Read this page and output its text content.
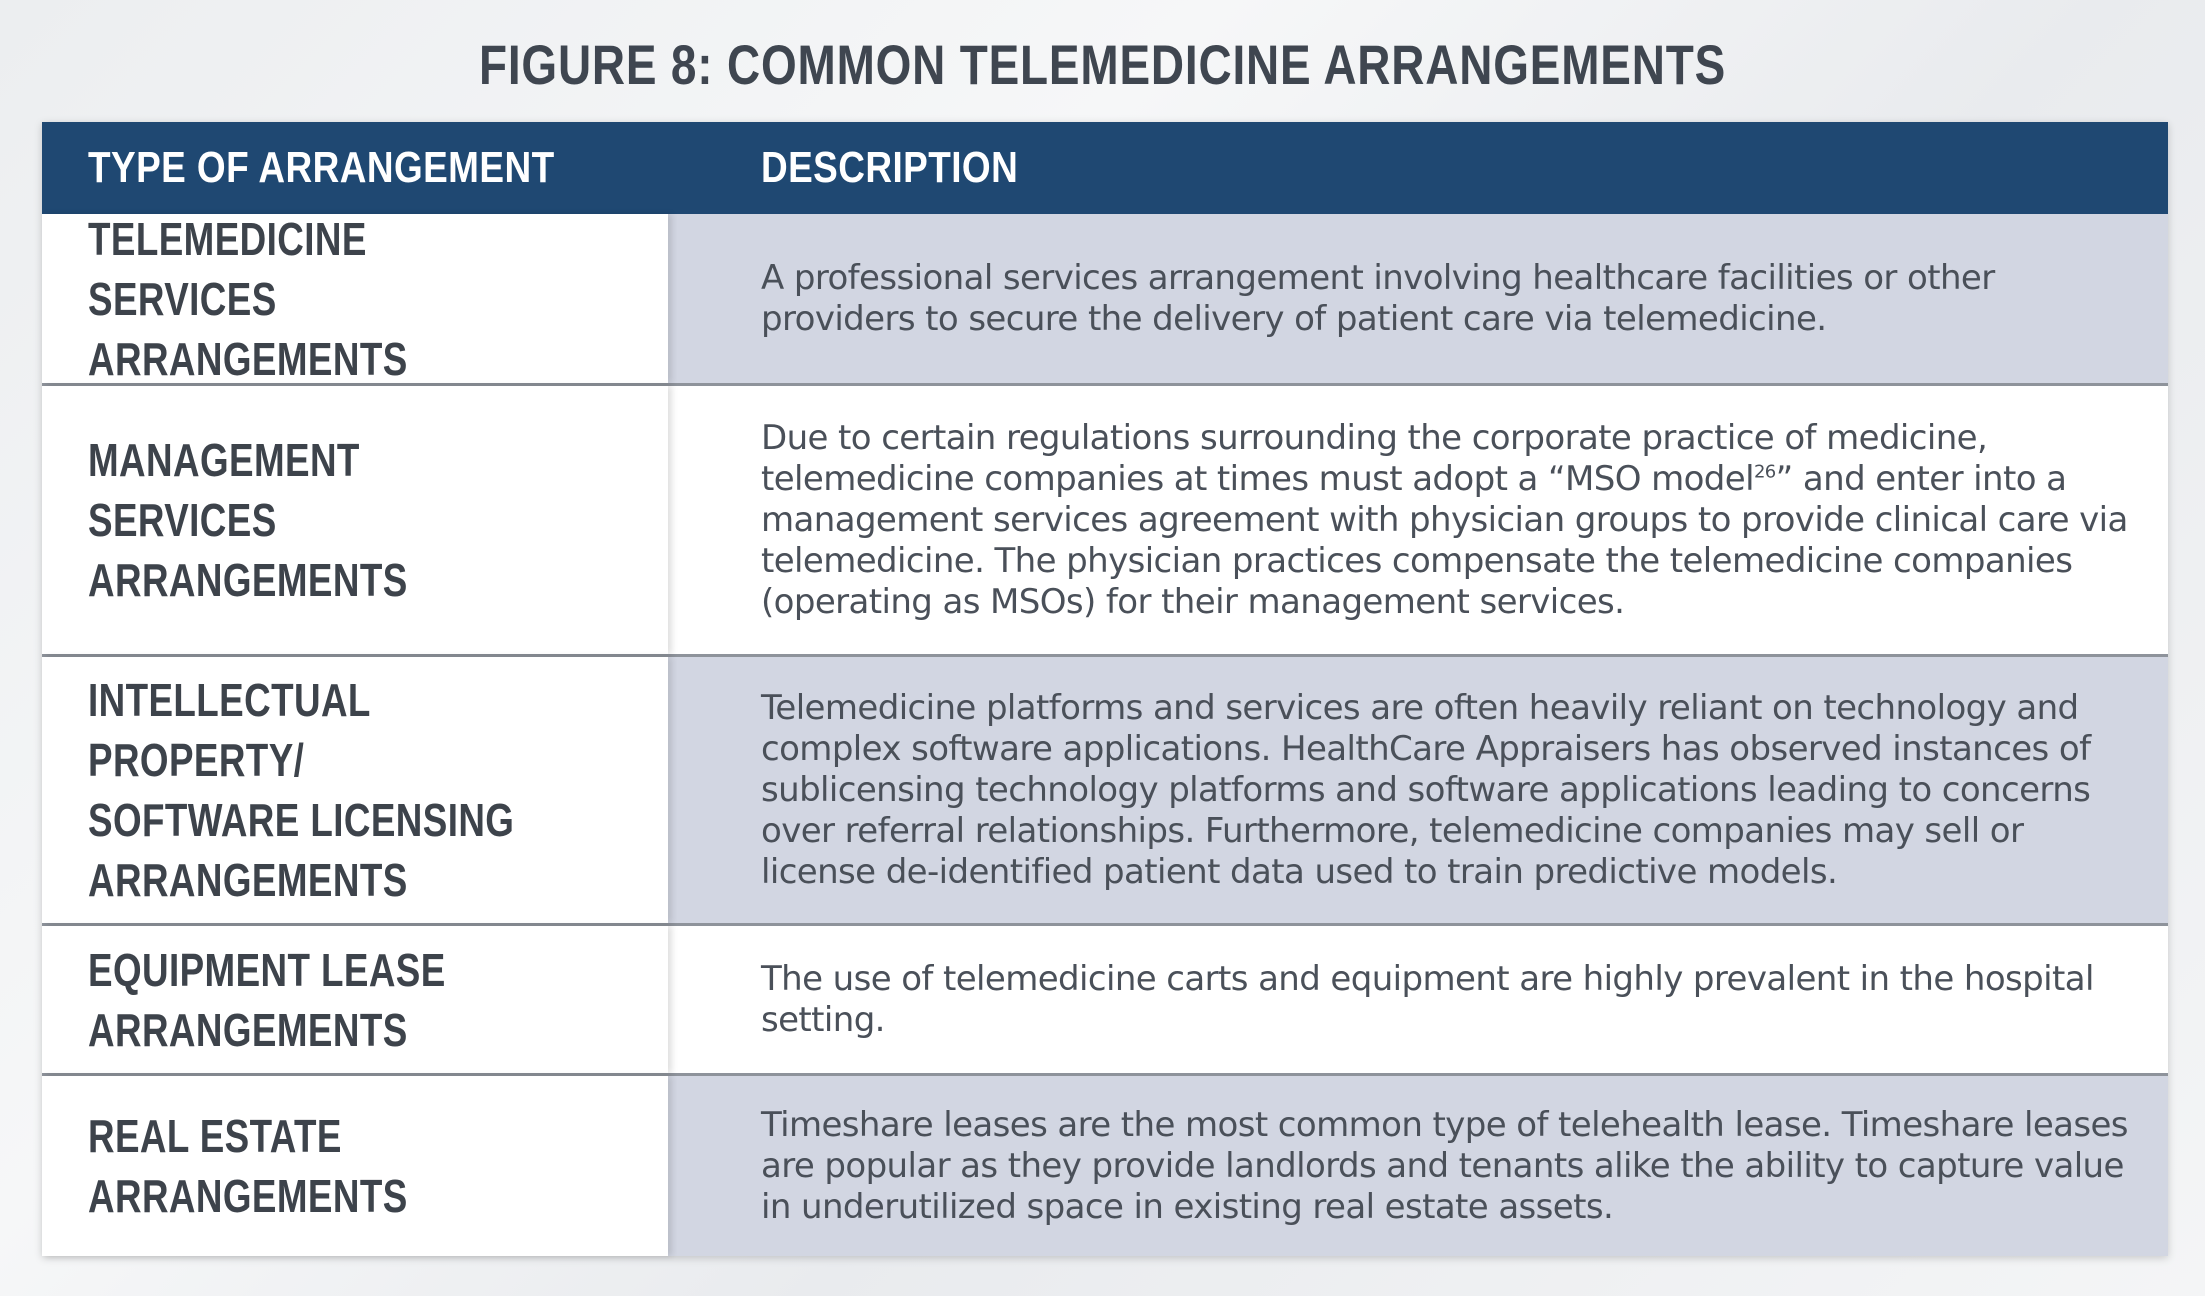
FIGURE 8: COMMON TELEMEDICINE ARRANGEMENTS
TYPE OF ARRANGEMENT	DESCRIPTION
TELEMEDICINE SERVICES
ARRANGEMENTS
A professional services arrangement involving healthcare facilities or other providers to secure the delivery of patient care via telemedicine.
MANAGEMENT SERVICES
ARRANGEMENTS
Due to certain regulations surrounding the corporate practice of medicine, telemedicine companies at times must adopt a “MSO model$^{26}$” and enter into a management services agreement with physician groups to provide clinical care via telemedicine. The physician practices compensate the telemedicine companies (operating as MSOs) for their management services.
INTELLECTUAL PROPERTY/
SOFTWARE LICENSING
ARRANGEMENTS
Telemedicine platforms and services are often heavily reliant on technology and complex software applications. HealthCare Appraisers has observed instances of sublicensing technology platforms and software applications leading to concerns over referral relationships. Furthermore, telemedicine companies may sell or license de-identified patient data used to train predictive models.
EQUIPMENT LEASE
ARRANGEMENTS
The use of telemedicine carts and equipment are highly prevalent in the hospital setting.
REAL ESTATE ARRANGEMENTS
Timeshare leases are the most common type of telehealth lease. Timeshare leases are popular as they provide landlords and tenants alike the ability to capture value in underutilized space in existing real estate assets.
